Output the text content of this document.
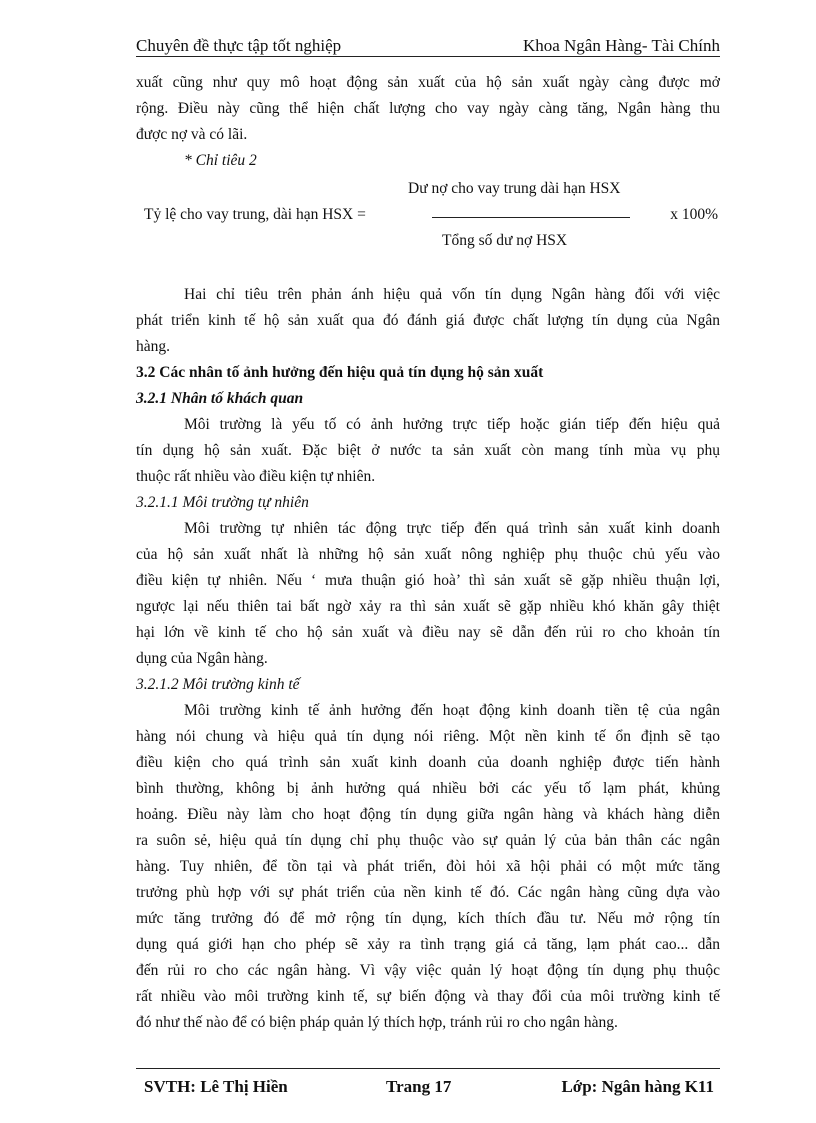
Chuyên đề thực tập tốt nghiệp	Khoa Ngân Hàng- Tài Chính
xuất cũng như quy mô hoạt động sản xuất của hộ sản xuất ngày càng được mở
rộng. Điều này cũng thể hiện chất lượng cho vay ngày càng tăng, Ngân hàng thu
được nợ và có lãi.
* Chỉ tiêu 2
Tỷ lệ cho vay trung, dài hạn HSX =
Dư nợ cho vay trung dài hạn HSX
Tổng số dư nợ HSX
x 100%
Hai chỉ tiêu trên phản ánh hiệu quả vốn tín dụng Ngân hàng đối với việc
phát triển kinh tế hộ sản xuất qua đó đánh giá được chất lượng tín dụng của Ngân
hàng.
3.2 Các nhân tố ảnh hưởng đến hiệu quả tín dụng hộ sản xuất
3.2.1 Nhân tố khách quan
Môi trường là yếu tố có ảnh hưởng trực tiếp hoặc gián tiếp đến hiệu quả
tín dụng hộ sản xuất. Đặc biệt ở nước ta sản xuất còn mang tính mùa vụ phụ
thuộc rất nhiều vào điều kiện tự nhiên.
3.2.1.1 Môi trường tự nhiên
Môi trường tự nhiên tác động trực tiếp đến quá trình sản xuất kinh doanh
của hộ sản xuất nhất là những hộ sản xuất nông nghiệp phụ thuộc chủ yếu vào
điều kiện tự nhiên. Nếu ‘ mưa thuận gió hoà’ thì sản xuất sẽ gặp nhiều thuận lợi,
ngược lại nếu thiên tai bất ngờ xảy ra thì sản xuất sẽ gặp nhiều khó khăn gây thiệt
hại lớn về kinh tế cho hộ sản xuất và điều nay sẽ dẫn đến rủi ro cho khoản tín
dụng của Ngân hàng.
3.2.1.2 Môi trường kinh tế
Môi trường kinh tế ảnh hưởng đến hoạt động kinh doanh tiền tệ của ngân
hàng nói chung và hiệu quả tín dụng nói riêng. Một nền kinh tế ổn định sẽ tạo
điều kiện cho quá trình sản xuất kinh doanh của doanh nghiệp được tiến hành
bình thường, không bị ảnh hưởng quá nhiều bởi các yếu tố lạm phát, khủng
hoảng. Điều này làm cho hoạt động tín dụng giữa ngân hàng và khách hàng diễn
ra suôn sẻ, hiệu quả tín dụng chỉ phụ thuộc vào sự quản lý của bản thân các ngân
hàng. Tuy nhiên, để tồn tại và phát triển, đòi hỏi xã hội phải có một mức tăng
trưởng phù hợp với sự phát triển của nền kinh tế đó. Các ngân hàng cũng dựa vào
mức tăng trưởng đó để mở rộng tín dụng, kích thích đầu tư. Nếu mở rộng tín
dụng quá giới hạn cho phép sẽ xảy ra tình trạng giá cả tăng, lạm phát cao... dẫn
đến rủi ro cho các ngân hàng. Vì vậy việc quản lý hoạt động tín dụng phụ thuộc
rất nhiều vào môi trường kinh tế, sự biến động và thay đổi của môi trường kinh tế
đó như thế nào để có biện pháp quản lý thích hợp, tránh rủi ro cho ngân hàng.
SVTH: Lê Thị Hiền	Trang 17	Lớp: Ngân hàng K11
